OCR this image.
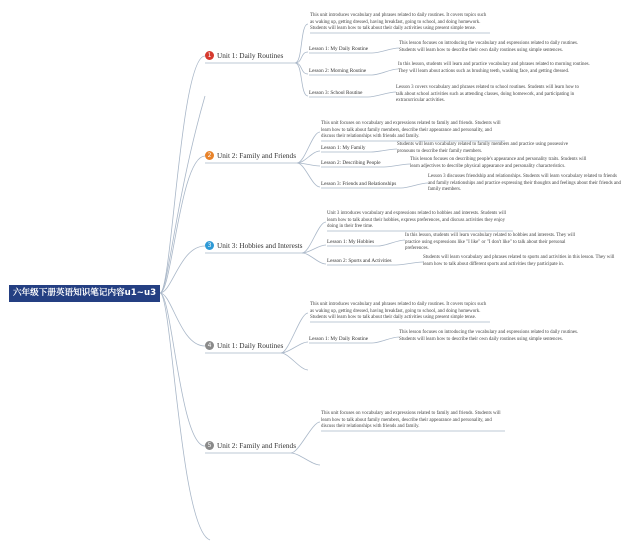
六年级下册英语知识笔记内容u1~u3
1 Unit 1: Daily Routines
This unit introduces vocabulary and phrases related to daily routines. It covers topics such as waking up, getting dressed, having breakfast, going to school, and doing homework. Students will learn how to talk about their daily activities using present simple tense.
Lesson 1: My Daily Routine
This lesson focuses on introducing the vocabulary and expressions related to daily routines. Students will learn how to describe their own daily routines using simple sentences.
Lesson 2: Morning Routine
In this lesson, students will learn and practice vocabulary and phrases related to morning routines. They will learn about actions such as brushing teeth, washing face, and getting dressed.
Lesson 3: School Routine
Lesson 3 covers vocabulary and phrases related to school routines. Students will learn how to talk about school activities such as attending classes, doing homework, and participating in extracurricular activities.
2 Unit 2: Family and Friends
This unit focuses on vocabulary and expressions related to family and friends. Students will learn how to talk about family members, describe their appearance and personality, and discuss their relationships with friends and family.
Lesson 1: My Family
Students will learn vocabulary related to family members and practice using possessive pronouns to describe their family members.
Lesson 2: Describing People
This lesson focuses on describing people's appearance and personality traits. Students will learn adjectives to describe physical appearance and personality characteristics.
Lesson 3: Friends and Relationships
Lesson 3 discusses friendship and relationships. Students will learn vocabulary related to friends and family relationships and practice expressing their thoughts and feelings about their friends and family members.
3 Unit 3: Hobbies and Interests
Unit 3 introduces vocabulary and expressions related to hobbies and interests. Students will learn how to talk about their hobbies, express preferences, and discuss activities they enjoy doing in their free time.
Lesson 1: My Hobbies
In this lesson, students will learn vocabulary related to hobbies and interests. They will practice using expressions like "I like" or "I don't like" to talk about their personal preferences.
Lesson 2: Sports and Activities
Students will learn vocabulary and phrases related to sports and activities in this lesson. They will learn how to talk about different sports and activities they participate in.
4 Unit 1: Daily Routines
This unit introduces vocabulary and phrases related to daily routines. It covers topics such as waking up, getting dressed, having breakfast, going to school, and doing homework. Students will learn how to talk about their daily activities using present simple tense.
Lesson 1: My Daily Routine
This lesson focuses on introducing the vocabulary and expressions related to daily routines. Students will learn how to describe their own daily routines using simple sentences.
5 Unit 2: Family and Friends
This unit focuses on vocabulary and expressions related to family and friends. Students will learn how to talk about family members, describe their appearance and personality, and discuss their relationships with friends and family.
